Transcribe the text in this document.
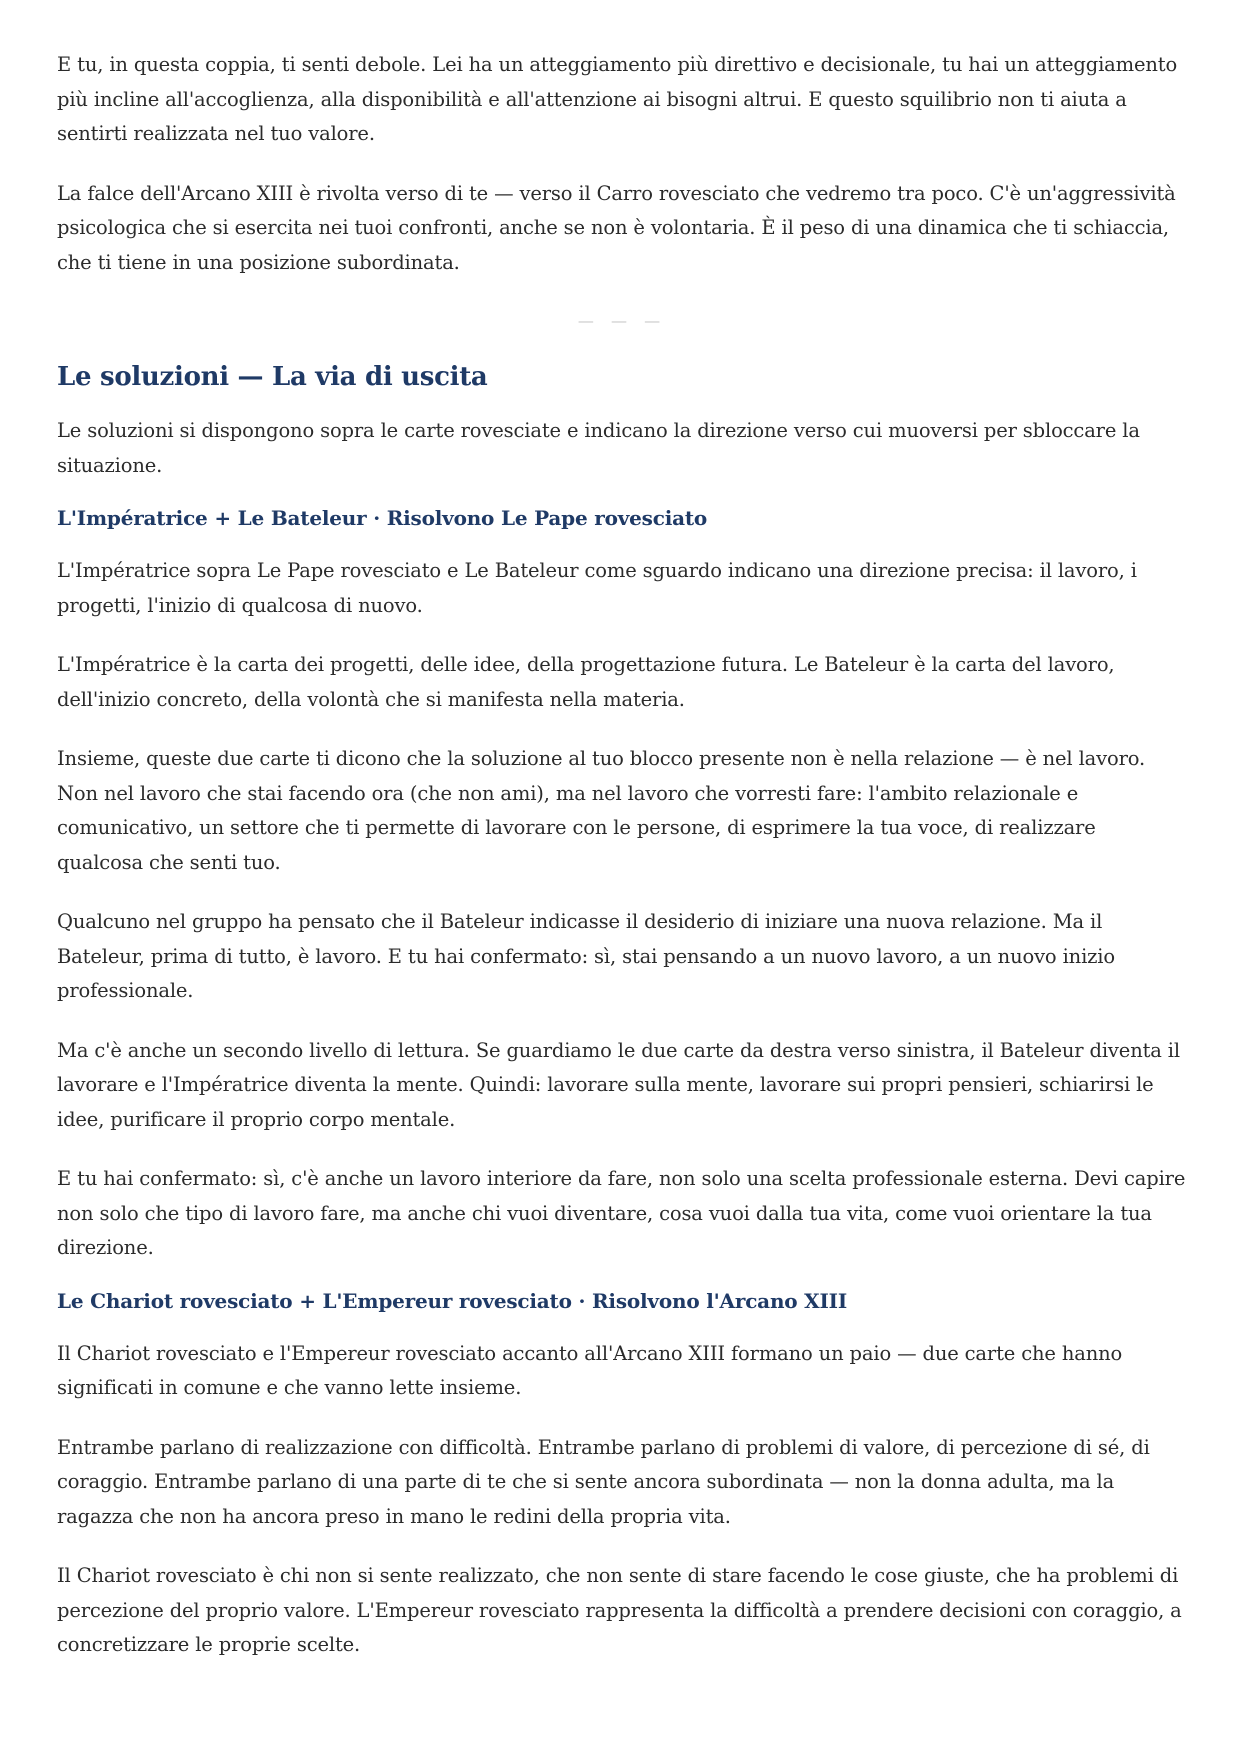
E tu, in questa coppia, ti senti debole. Lei ha un atteggiamento più direttivo e decisionale, tu hai un atteggiamento più incline all'accoglienza, alla disponibilità e all'attenzione ai bisogni altrui. E questo squilibrio non ti aiuta a sentirti realizzata nel tuo valore.

La falce dell'Arcano XIII è rivolta verso di te — verso il Carro rovesciato che vedremo tra poco. C'è un'aggressività psicologica che si esercita nei tuoi confronti, anche se non è volontaria. È il peso di una dinamica che ti schiaccia, che ti tiene in una posizione subordinata.

— — —
Le soluzioni — La via di uscita

Le soluzioni si dispongono sopra le carte rovesciate e indicano la direzione verso cui muoversi per sbloccare la situazione.

L'Impératrice + Le Bateleur · Risolvono Le Pape rovesciato

L'Impératrice sopra Le Pape rovesciato e Le Bateleur come sguardo indicano una direzione precisa: il lavoro, i progetti, l'inizio di qualcosa di nuovo.

L'Impératrice è la carta dei progetti, delle idee, della progettazione futura. Le Bateleur è la carta del lavoro, dell'inizio concreto, della volontà che si manifesta nella materia.

Insieme, queste due carte ti dicono che la soluzione al tuo blocco presente non è nella relazione — è nel lavoro. Non nel lavoro che stai facendo ora (che non ami), ma nel lavoro che vorresti fare: l'ambito relazionale e comunicativo, un settore che ti permette di lavorare con le persone, di esprimere la tua voce, di realizzare qualcosa che senti tuo.

Qualcuno nel gruppo ha pensato che il Bateleur indicasse il desiderio di iniziare una nuova relazione. Ma il Bateleur, prima di tutto, è lavoro. E tu hai confermato: sì, stai pensando a un nuovo lavoro, a un nuovo inizio professionale.

Ma c'è anche un secondo livello di lettura. Se guardiamo le due carte da destra verso sinistra, il Bateleur diventa il lavorare e l'Impératrice diventa la mente. Quindi: lavorare sulla mente, lavorare sui propri pensieri, schiarirsi le idee, purificare il proprio corpo mentale.

E tu hai confermato: sì, c'è anche un lavoro interiore da fare, non solo una scelta professionale esterna. Devi capire non solo che tipo di lavoro fare, ma anche chi vuoi diventare, cosa vuoi dalla tua vita, come vuoi orientare la tua direzione.

Le Chariot rovesciato + L'Empereur rovesciato · Risolvono l'Arcano XIII

Il Chariot rovesciato e l'Empereur rovesciato accanto all'Arcano XIII formano un paio — due carte che hanno significati in comune e che vanno lette insieme.

Entrambe parlano di realizzazione con difficoltà. Entrambe parlano di problemi di valore, di percezione di sé, di coraggio. Entrambe parlano di una parte di te che si sente ancora subordinata — non la donna adulta, ma la ragazza che non ha ancora preso in mano le redini della propria vita.

Il Chariot rovesciato è chi non si sente realizzato, che non sente di stare facendo le cose giuste, che ha problemi di percezione del proprio valore. L'Empereur rovesciato rappresenta la difficoltà a prendere decisioni con coraggio, a concretizzare le proprie scelte.
